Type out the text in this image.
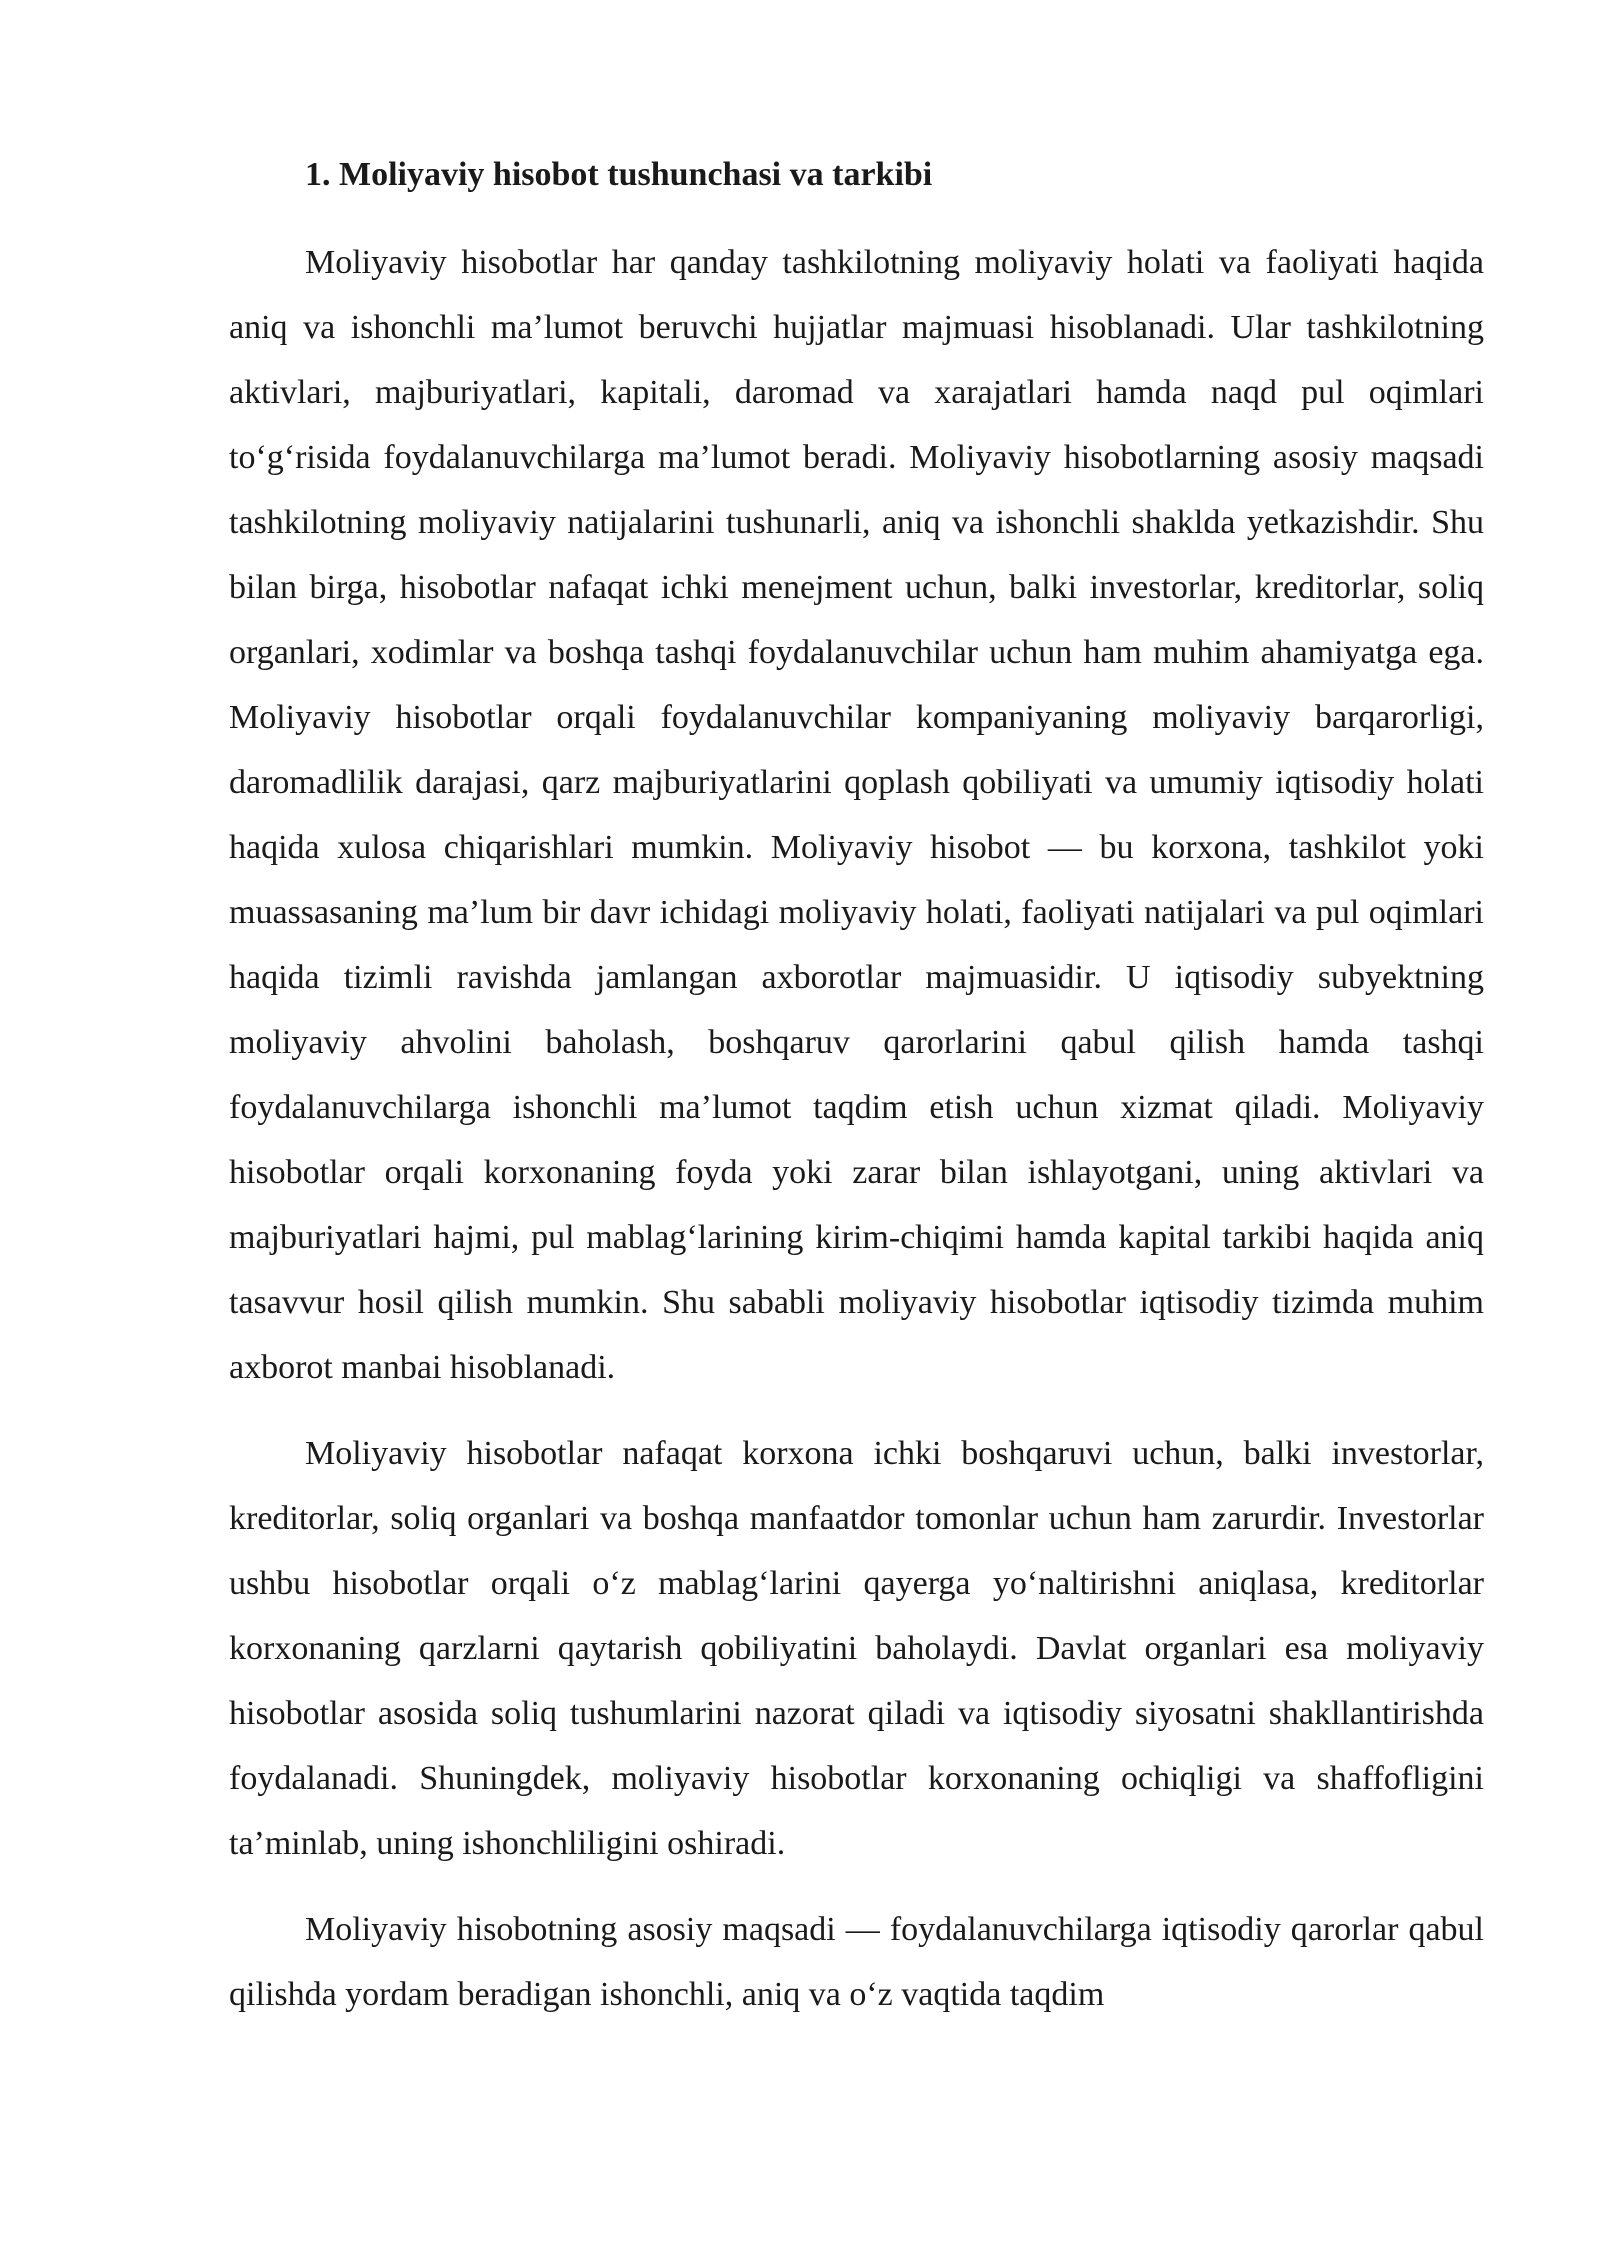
1. Moliyaviy hisobot tushunchasi va tarkibi

Moliyaviy hisobotlar har qanday tashkilotning moliyaviy holati va faoliyati haqida aniq va ishonchli ma’lumot beruvchi hujjatlar majmuasi hisoblanadi. Ular tashkilotning aktivlari, majburiyatlari, kapitali, daromad va xarajatlari hamda naqd pul oqimlari to‘g‘risida foydalanuvchilarga ma’lumot beradi. Moliyaviy hisobotlarning asosiy maqsadi tashkilotning moliyaviy natijalarini tushunarli, aniq va ishonchli shaklda yetkazishdir. Shu bilan birga, hisobotlar nafaqat ichki menejment uchun, balki investorlar, kreditorlar, soliq organlari, xodimlar va boshqa tashqi foydalanuvchilar uchun ham muhim ahamiyatga ega. Moliyaviy hisobotlar orqali foydalanuvchilar kompaniyaning moliyaviy barqarorligi, daromadlilik darajasi, qarz majburiyatlarini qoplash qobiliyati va umumiy iqtisodiy holati haqida xulosa chiqarishlari mumkin. Moliyaviy hisobot — bu korxona, tashkilot yoki muassasaning ma’lum bir davr ichidagi moliyaviy holati, faoliyati natijalari va pul oqimlari haqida tizimli ravishda jamlangan axborotlar majmuasidir. U iqtisodiy subyektning moliyaviy ahvolini baholash, boshqaruv qarorlarini qabul qilish hamda tashqi foydalanuvchilarga ishonchli ma’lumot taqdim etish uchun xizmat qiladi. Moliyaviy hisobotlar orqali korxonaning foyda yoki zarar bilan ishlayotgani, uning aktivlari va majburiyatlari hajmi, pul mablag‘larining kirim-chiqimi hamda kapital tarkibi haqida aniq tasavvur hosil qilish mumkin. Shu sababli moliyaviy hisobotlar iqtisodiy tizimda muhim axborot manbai hisoblanadi.

Moliyaviy hisobotlar nafaqat korxona ichki boshqaruvi uchun, balki investorlar, kreditorlar, soliq organlari va boshqa manfaatdor tomonlar uchun ham zarurdir. Investorlar ushbu hisobotlar orqali o‘z mablag‘larini qayerga yo‘naltirishni aniqlasa, kreditorlar korxonaning qarzlarni qaytarish qobiliyatini baholaydi. Davlat organlari esa moliyaviy hisobotlar asosida soliq tushumlarini nazorat qiladi va iqtisodiy siyosatni shakllantirishda foydalanadi. Shuningdek, moliyaviy hisobotlar korxonaning ochiqligi va shaffofligini ta’minlab, uning ishonchliligini oshiradi.

Moliyaviy hisobotning asosiy maqsadi — foydalanuvchilarga iqtisodiy qarorlar qabul qilishda yordam beradigan ishonchli, aniq va o‘z vaqtida taqdim
